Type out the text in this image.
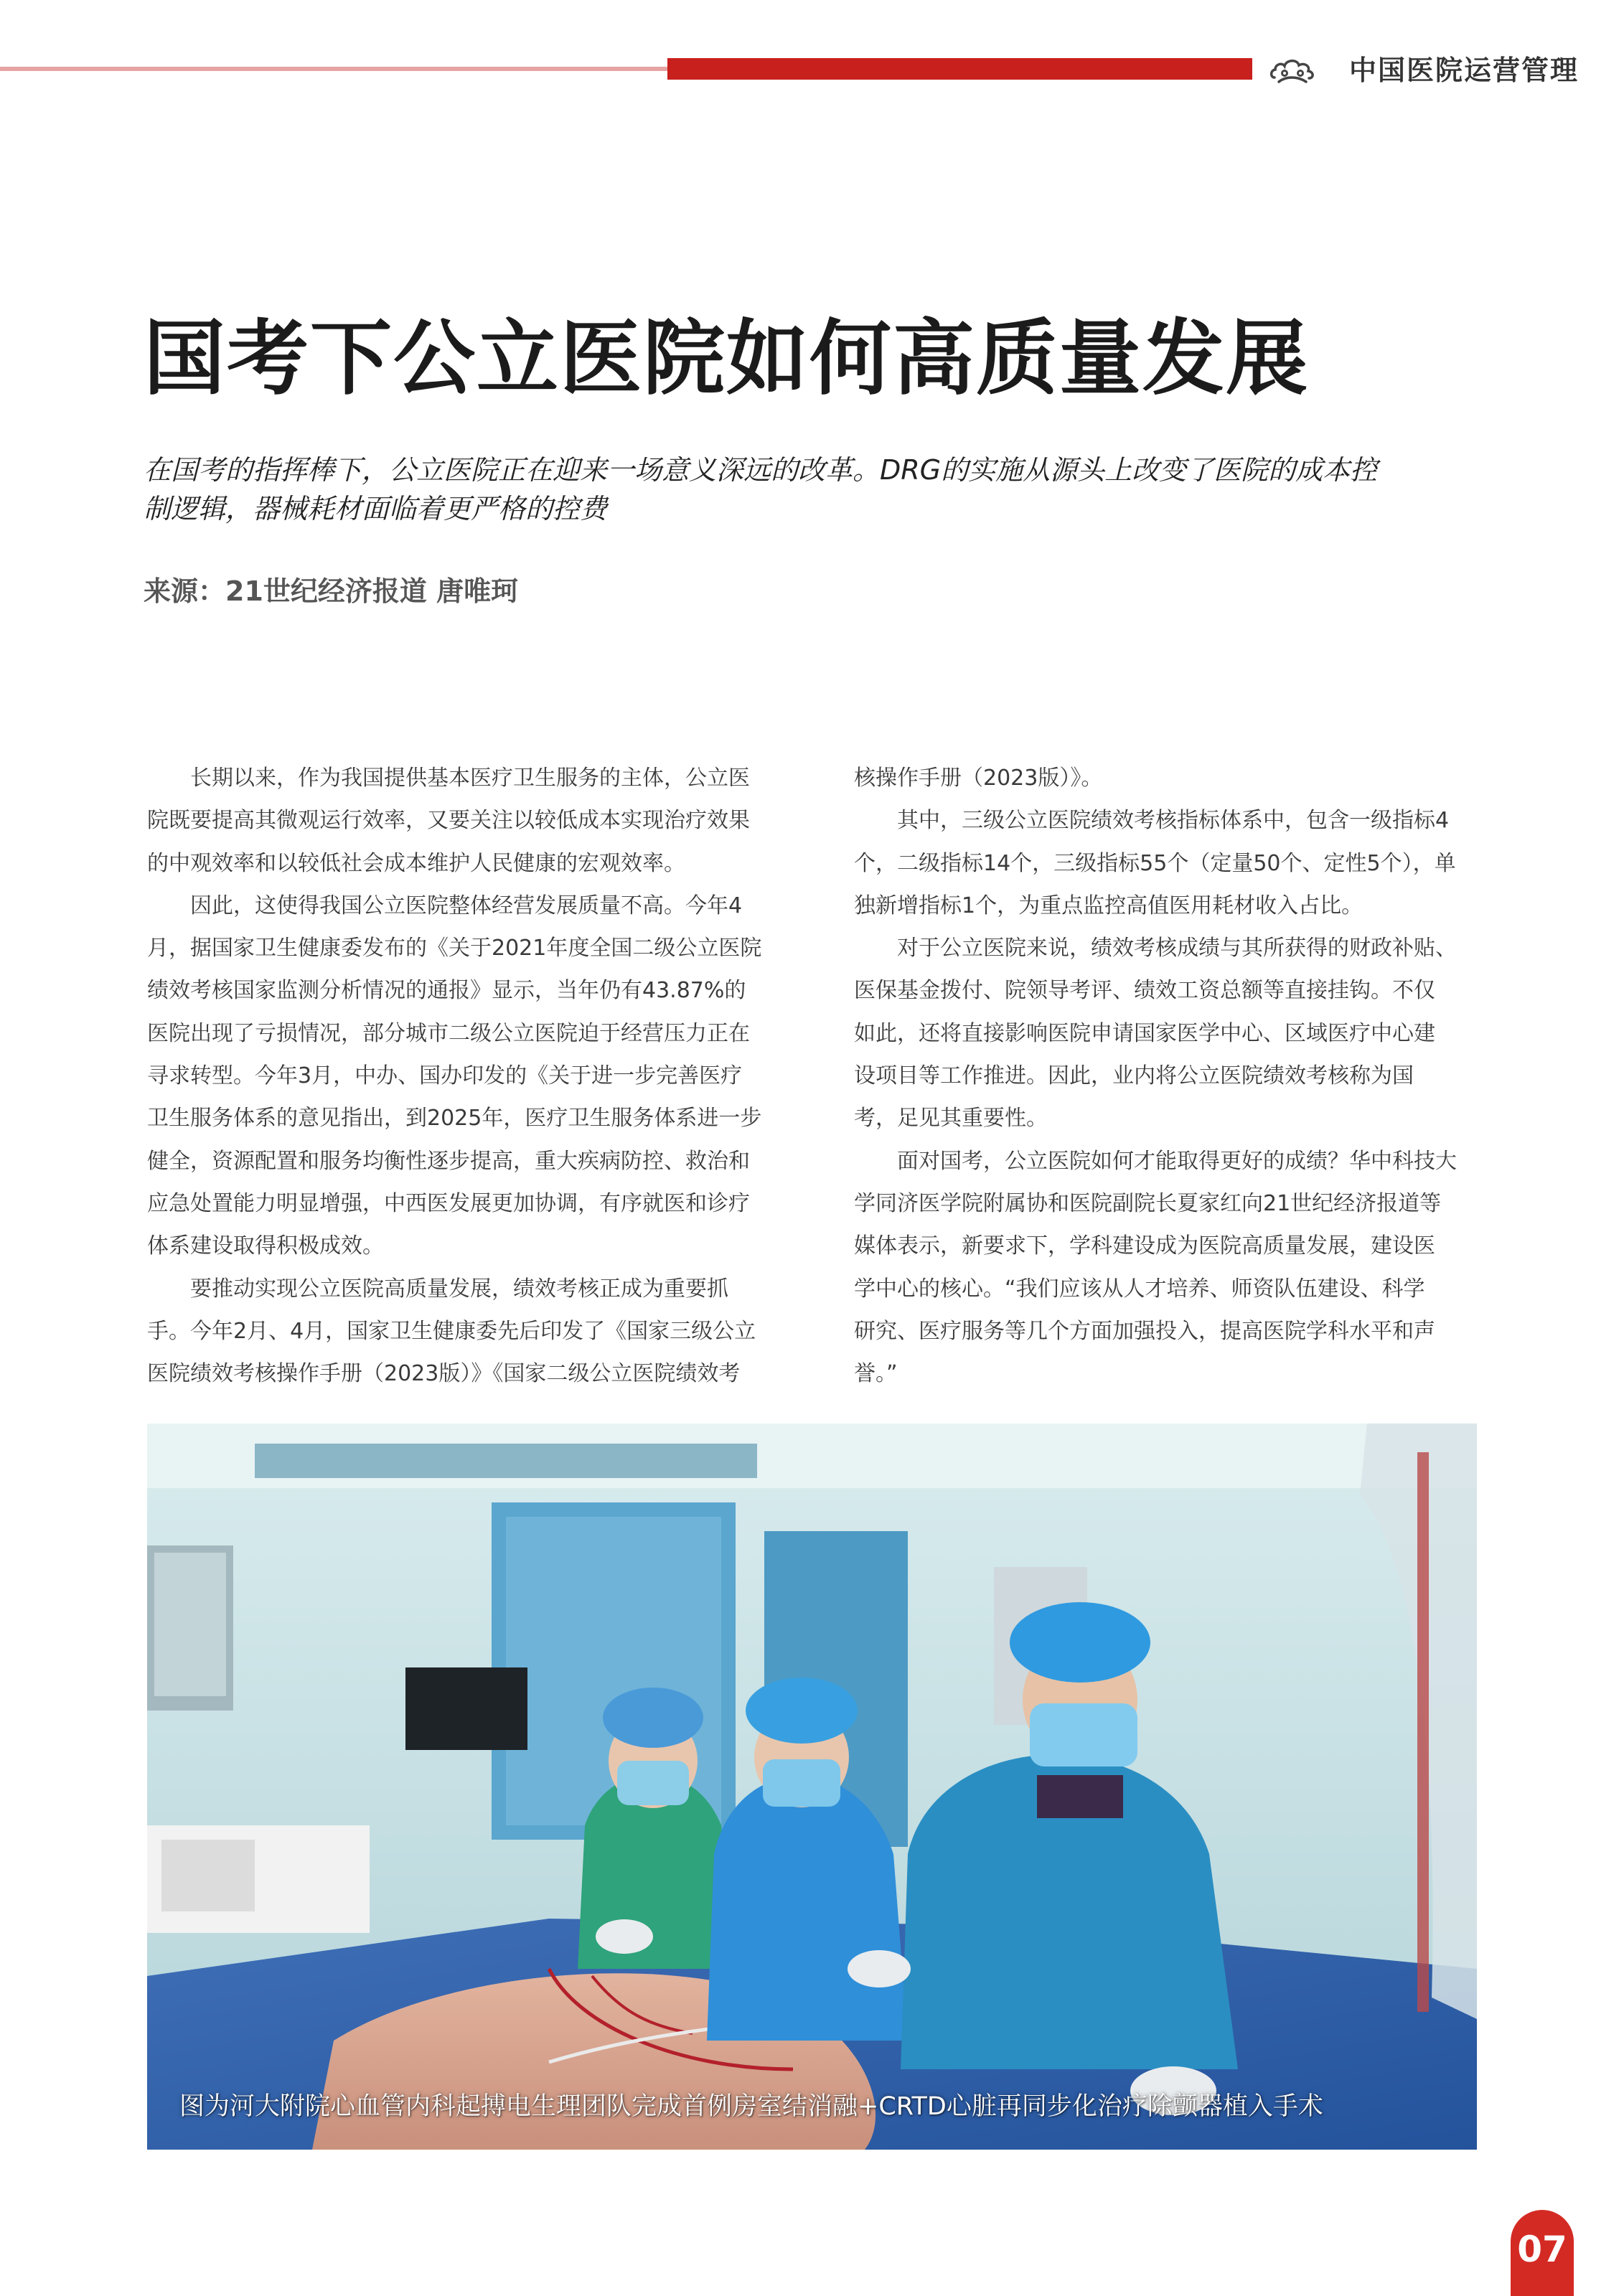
中国医院运营管理
国考下公立医院如何高质量发展

在国考的指挥棒下，公立医院正在迎来一场意义深远的改革。DRG的实施从源头上改变了医院的成本控

制逻辑，器械耗材面临着更严格的控费

来源：21世纪经济报道 唐唯珂
　　长期以来，作为我国提供基本医疗卫生服务的主体，公立医
院既要提高其微观运行效率，又要关注以较低成本实现治疗效果
的中观效率和以较低社会成本维护人民健康的宏观效率。
　　因此，这使得我国公立医院整体经营发展质量不高。今年4
月，据国家卫生健康委发布的《关于2021年度全国二级公立医院
绩效考核国家监测分析情况的通报》显示，当年仍有43.87%的
医院出现了亏损情况，部分城市二级公立医院迫于经营压力正在
寻求转型。今年3月，中办、国办印发的《关于进一步完善医疗
卫生服务体系的意见指出，到2025年，医疗卫生服务体系进一步
健全，资源配置和服务均衡性逐步提高，重大疾病防控、救治和
应急处置能力明显增强，中西医发展更加协调，有序就医和诊疗
体系建设取得积极成效。
　　要推动实现公立医院高质量发展，绩效考核正成为重要抓
手。今年2月、4月，国家卫生健康委先后印发了《国家三级公立
医院绩效考核操作手册（2023版）》《国家二级公立医院绩效考
核操作手册（2023版）》。
　　其中，三级公立医院绩效考核指标体系中，包含一级指标4
个，二级指标14个，三级指标55个（定量50个、定性5个），单
独新增指标1个，为重点监控高值医用耗材收入占比。
　　对于公立医院来说，绩效考核成绩与其所获得的财政补贴、
医保基金拨付、院领导考评、绩效工资总额等直接挂钩。不仅
如此，还将直接影响医院申请国家医学中心、区域医疗中心建
设项目等工作推进。因此，业内将公立医院绩效考核称为国
考，足见其重要性。
　　面对国考，公立医院如何才能取得更好的成绩？华中科技大
学同济医学院附属协和医院副院长夏家红向21世纪经济报道等
媒体表示，新要求下，学科建设成为医院高质量发展，建设医
学中心的核心。“我们应该从人才培养、师资队伍建设、科学
研究、医疗服务等几个方面加强投入，提高医院学科水平和声
誉。”
图为河大附院心血管内科起搏电生理团队完成首例房室结消融+CRTD心脏再同步化治疗除颤器植入手术
07
